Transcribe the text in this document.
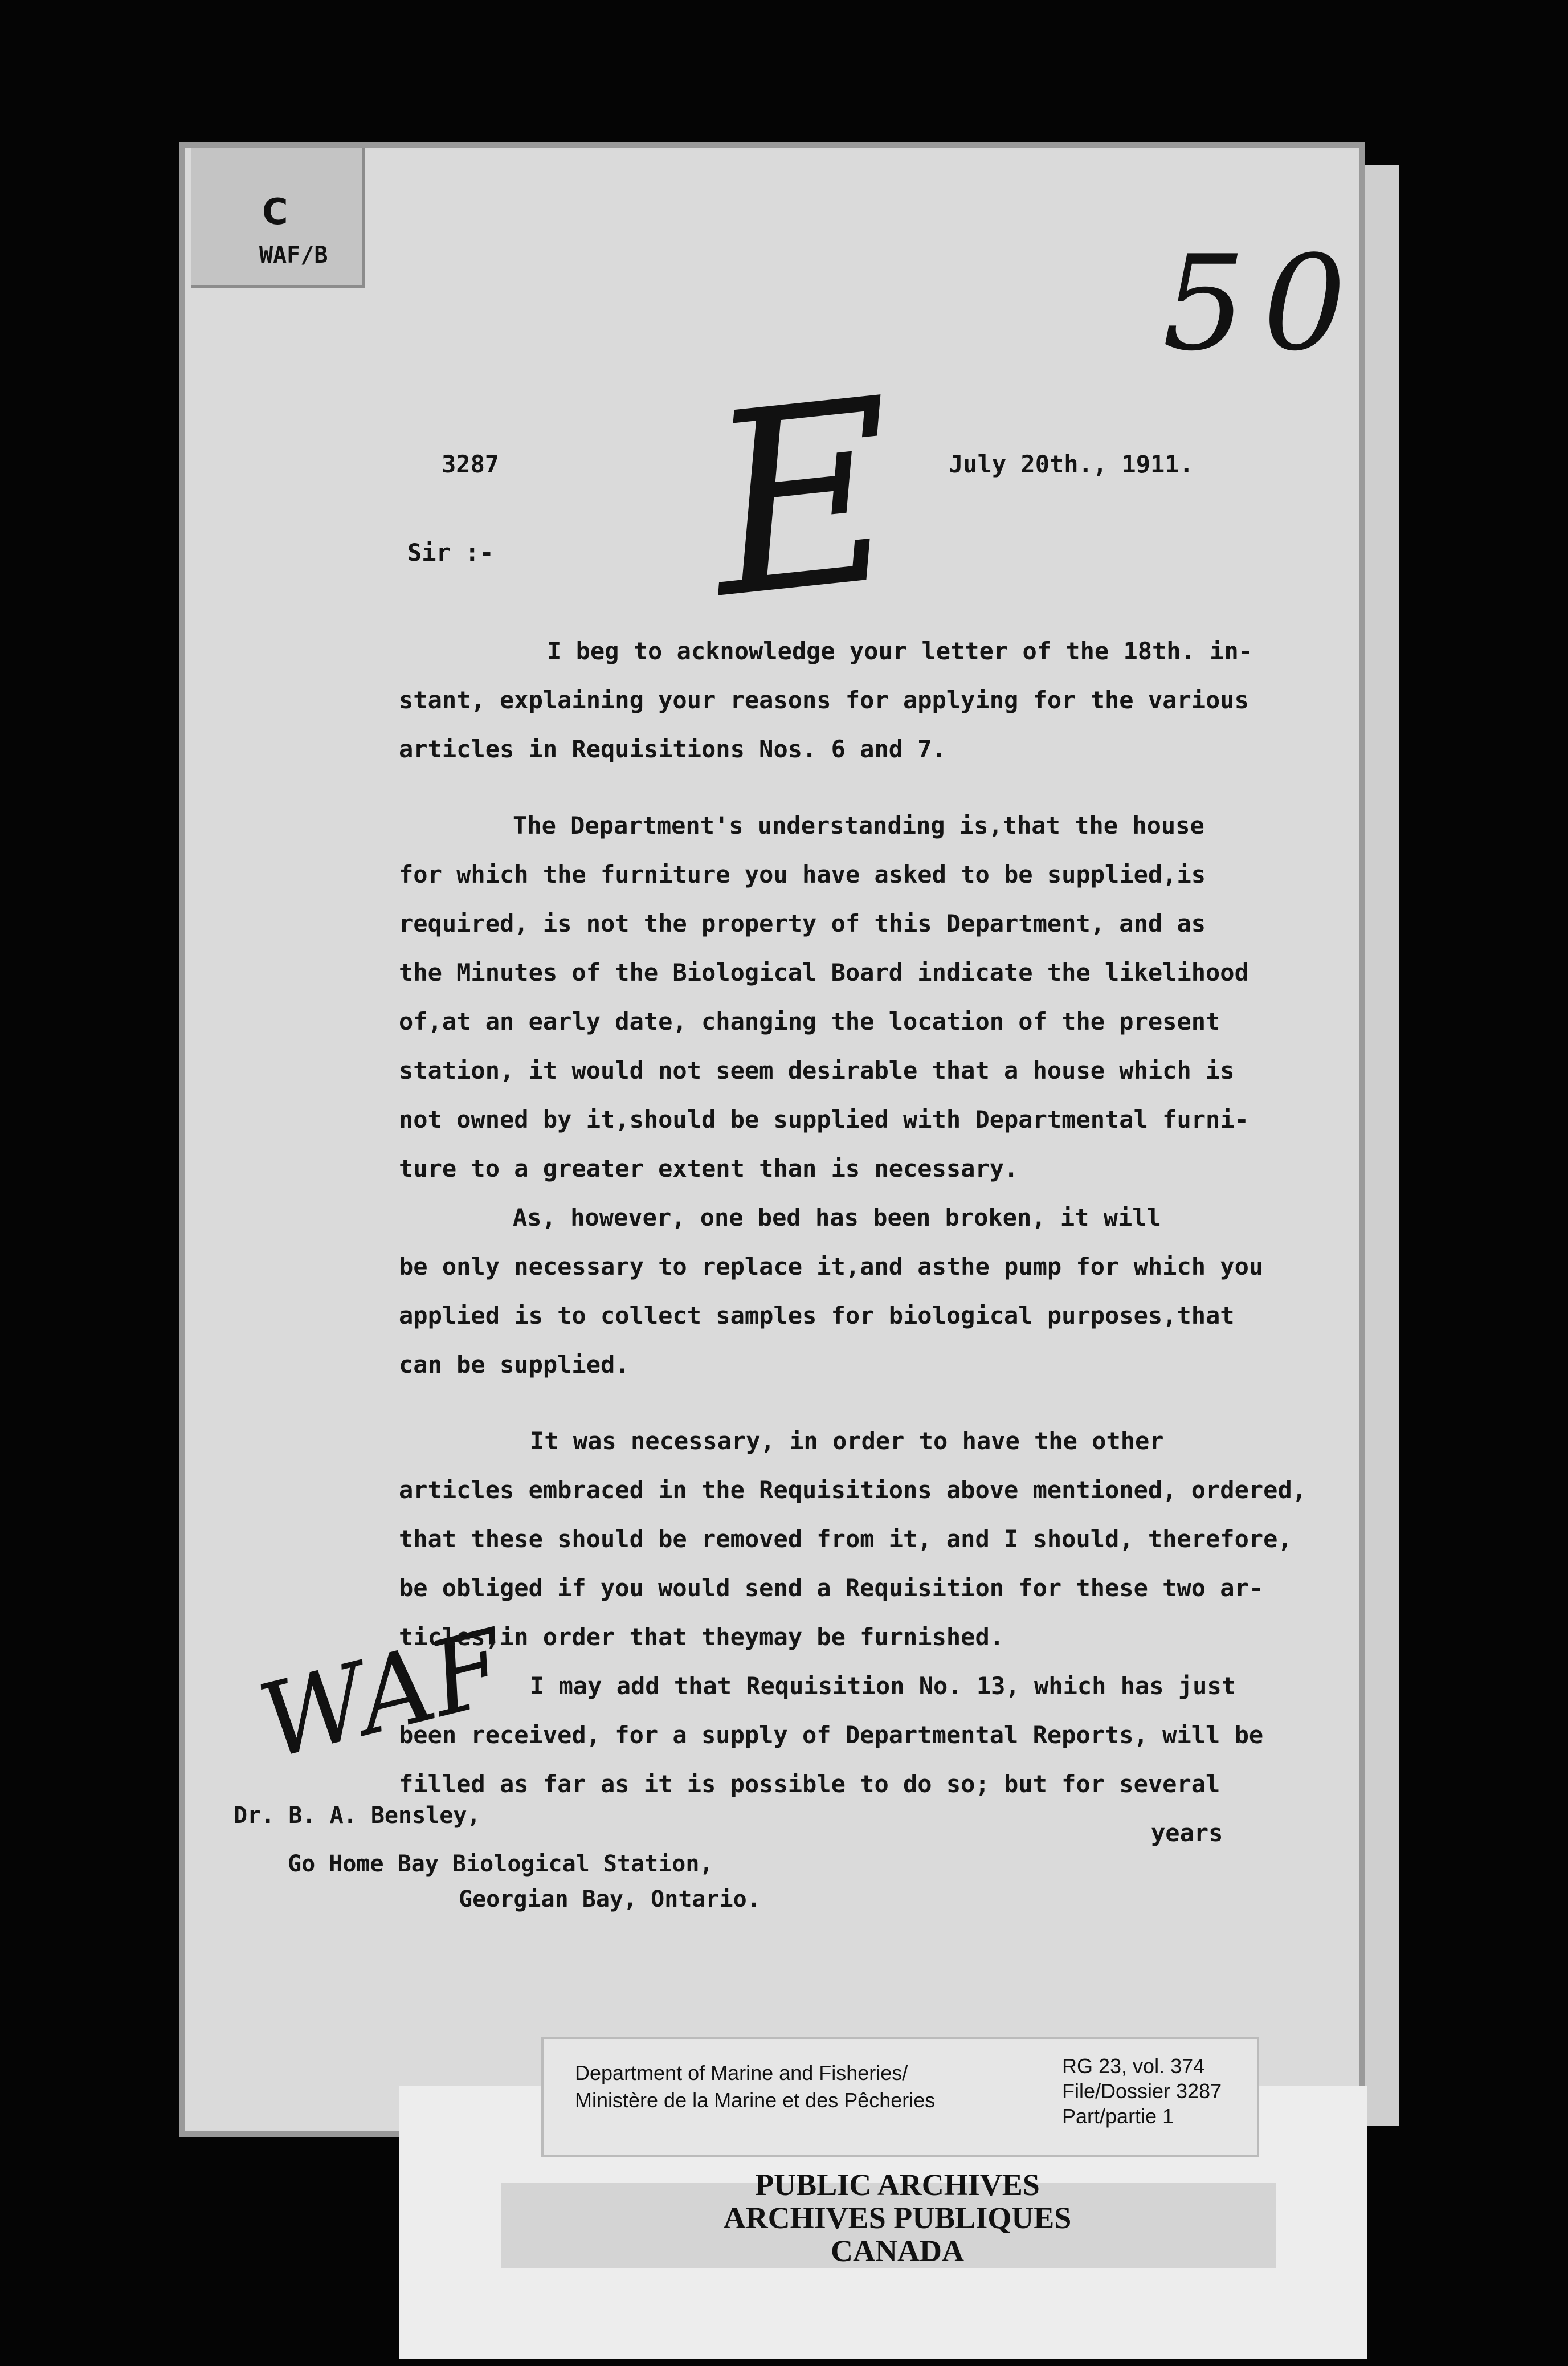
C
WAF/B	50
E
WAF
3287	July 20th., 1911.
Sir :-
I beg to acknowledge your letter of the 18th. in-
stant, explaining your reasons for applying for the various
articles in Requisitions Nos. 6 and 7.
The Department's understanding is,that the house
for which the furniture you have asked to be supplied,is
required, is not the property of this Department, and as
the Minutes of the Biological Board indicate the likelihood
of,at an early date, changing the location of the present
station, it would not seem desirable that a house which is
not owned by it,should be supplied with Departmental furni-
ture to a greater extent than is necessary.
As, however, one bed has been broken, it will
be only necessary to replace it,and asthe pump for which you
applied is to collect samples for biological purposes,that
can be supplied.
It was necessary, in order to have the other
articles embraced in the Requisitions above mentioned, ordered,
that these should be removed from it, and I should, therefore,
be obliged if you would send a Requisition for these two ar-
ticles,in order that theymay be furnished.
I may add that Requisition No. 13, which has just
been received, for a supply of Departmental Reports, will be
filled as far as it is possible to do so; but for several
years
Dr. B. A. Bensley,
Go Home Bay Biological Station,
Georgian Bay, Ontario.
Department of Marine and Fisheries/
Ministère de la Marine et des Pêcheries
RG 23, vol. 374
File/Dossier 3287
Part/partie 1
PUBLIC ARCHIVES
ARCHIVES PUBLIQUES
CANADA
